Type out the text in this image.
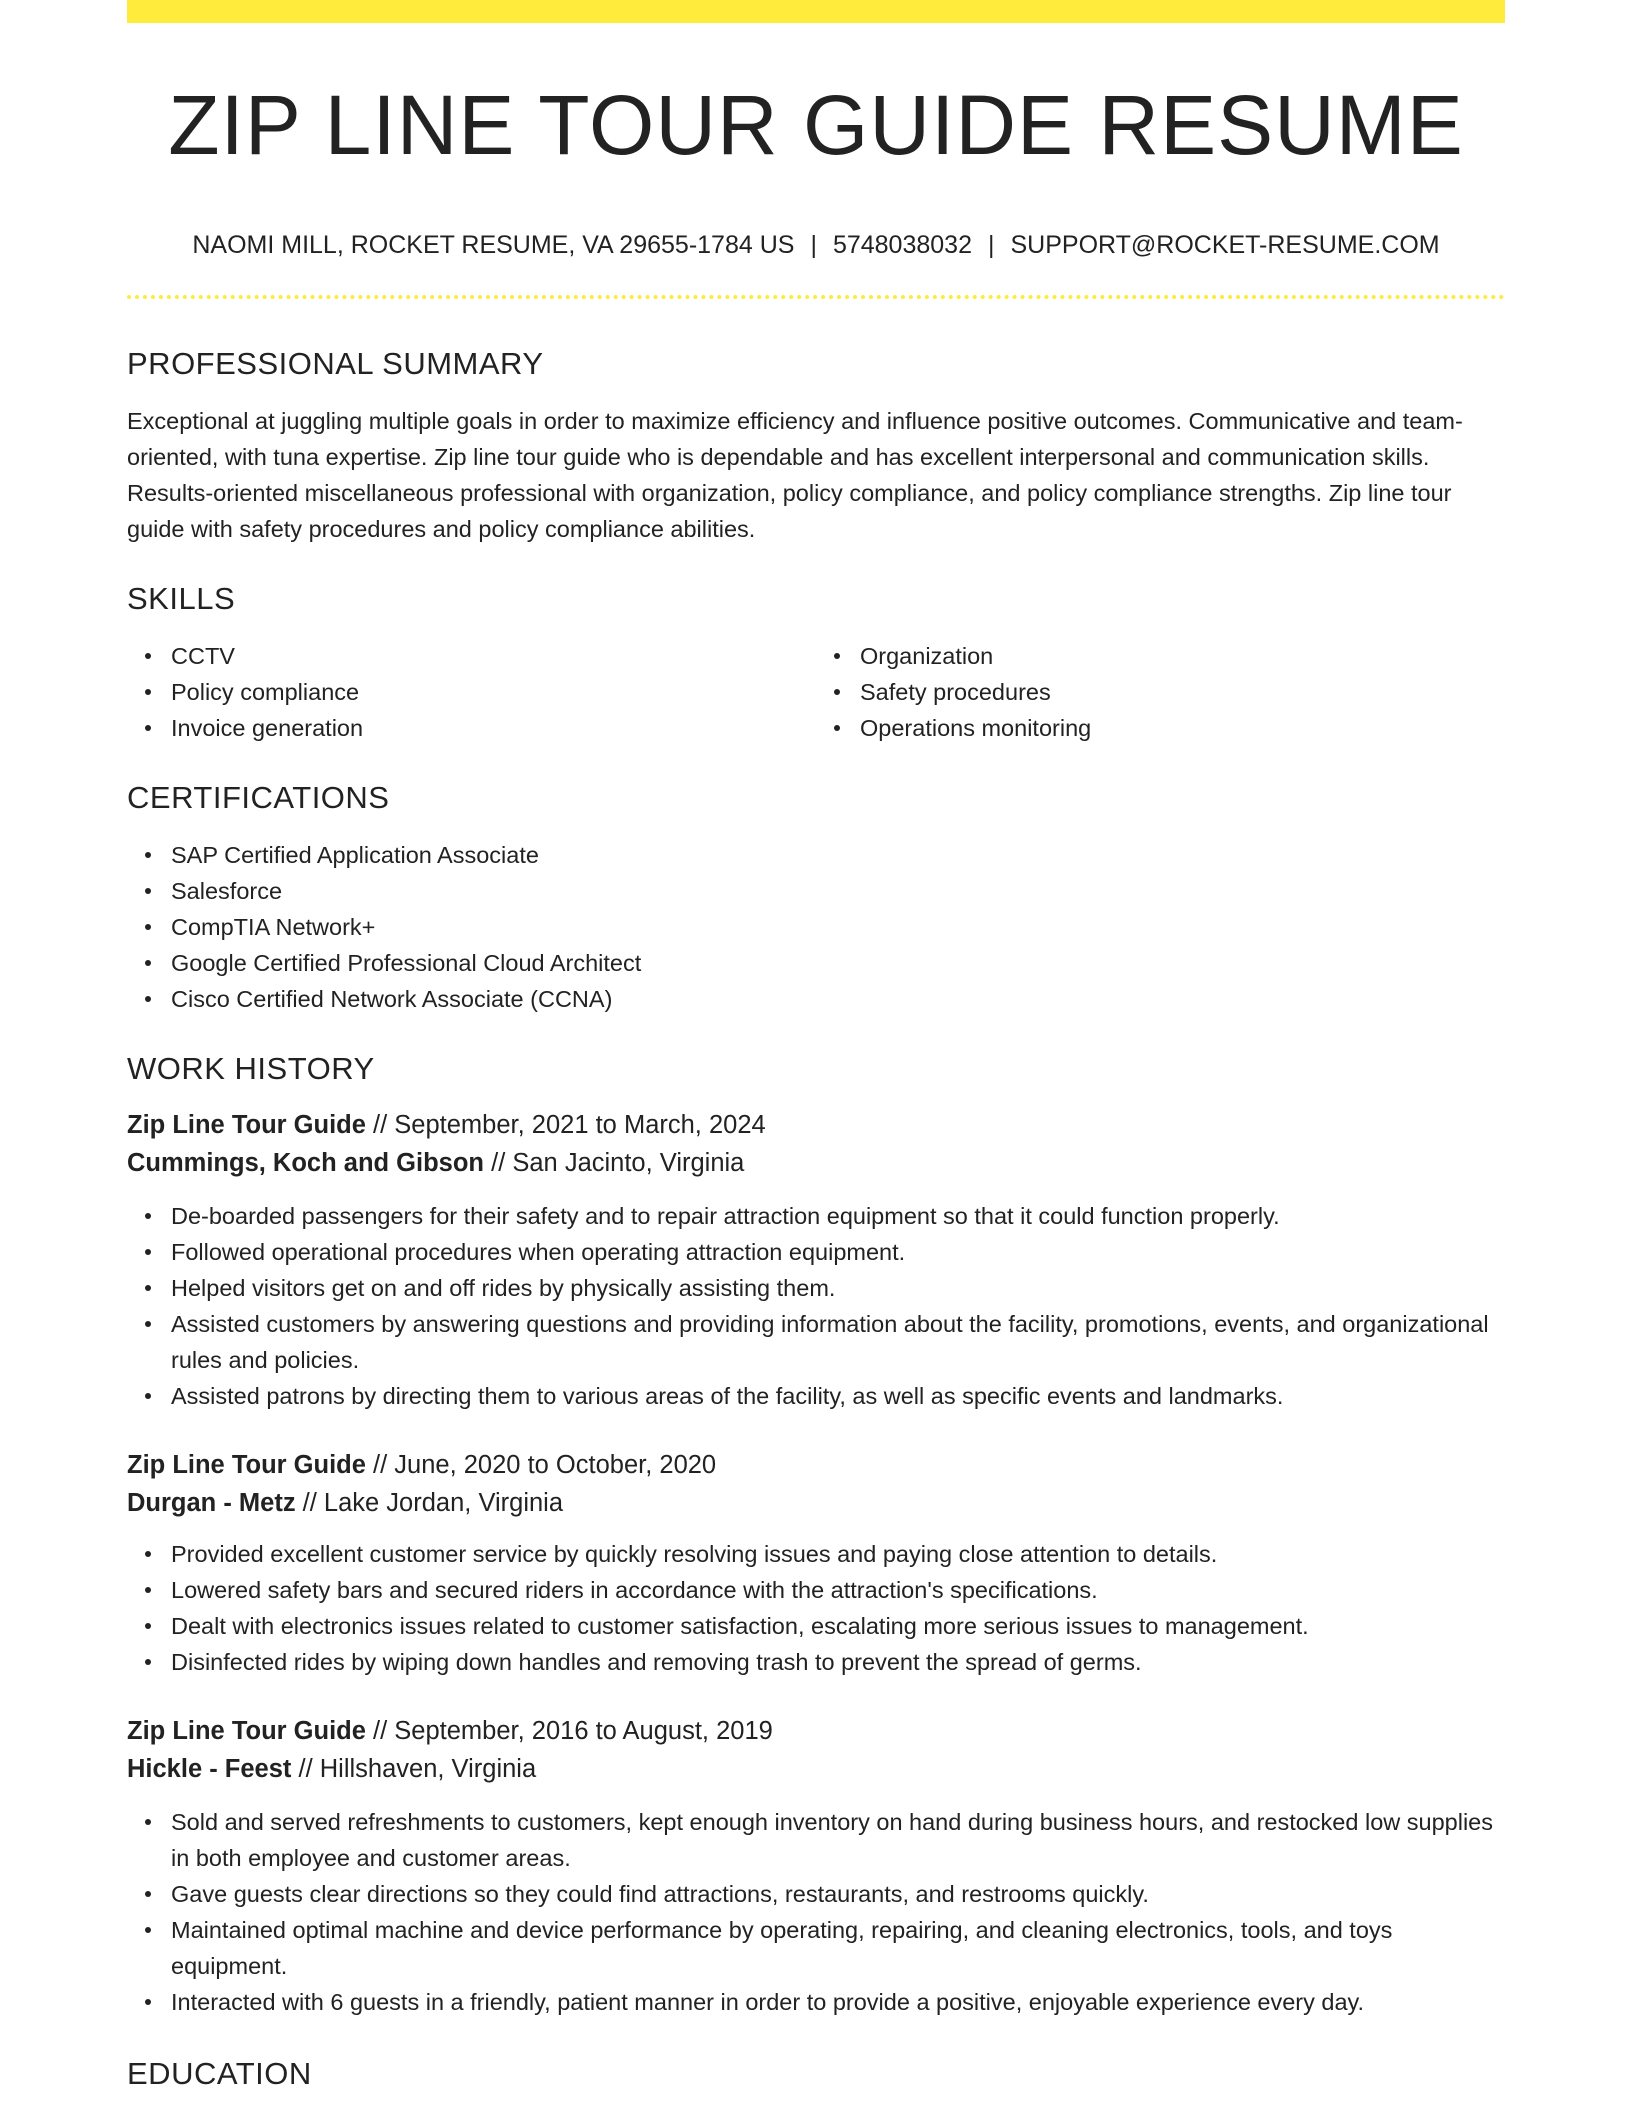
ZIP LINE TOUR GUIDE RESUME
NAOMI MILL, ROCKET RESUME, VA 29655-1784 US | 5748038032 | SUPPORT@ROCKET-RESUME.COM
PROFESSIONAL SUMMARY

Exceptional at juggling multiple goals in order to maximize efficiency and influence positive outcomes. Communicative and team-oriented, with tuna expertise. Zip line tour guide who is dependable and has excellent interpersonal and communication skills. Results-oriented miscellaneous professional with organization, policy compliance, and policy compliance strengths. Zip line tour guide with safety procedures and policy compliance abilities.

SKILLS
CCTV
Policy compliance
Invoice generation
Organization
Safety procedures
Operations monitoring
CERTIFICATIONS
SAP Certified Application Associate
Salesforce
CompTIA Network+
Google Certified Professional Cloud Architect
Cisco Certified Network Associate (CCNA)
WORK HISTORY
Zip Line Tour Guide // September, 2021 to March, 2024
Cummings, Koch and Gibson // San Jacinto, Virginia
De-boarded passengers for their safety and to repair attraction equipment so that it could function properly.
Followed operational procedures when operating attraction equipment.
Helped visitors get on and off rides by physically assisting them.
Assisted customers by answering questions and providing information about the facility, promotions, events, and organizational rules and policies.
Assisted patrons by directing them to various areas of the facility, as well as specific events and landmarks.
Zip Line Tour Guide // June, 2020 to October, 2020
Durgan - Metz // Lake Jordan, Virginia
Provided excellent customer service by quickly resolving issues and paying close attention to details.
Lowered safety bars and secured riders in accordance with the attraction's specifications.
Dealt with electronics issues related to customer satisfaction, escalating more serious issues to management.
Disinfected rides by wiping down handles and removing trash to prevent the spread of germs.
Zip Line Tour Guide // September, 2016 to August, 2019
Hickle - Feest // Hillshaven, Virginia
Sold and served refreshments to customers, kept enough inventory on hand during business hours, and restocked low supplies in both employee and customer areas.
Gave guests clear directions so they could find attractions, restaurants, and restrooms quickly.
Maintained optimal machine and device performance by operating, repairing, and cleaning electronics, tools, and toys equipment.
Interacted with 6 guests in a friendly, patient manner in order to provide a positive, enjoyable experience every day.
EDUCATION
